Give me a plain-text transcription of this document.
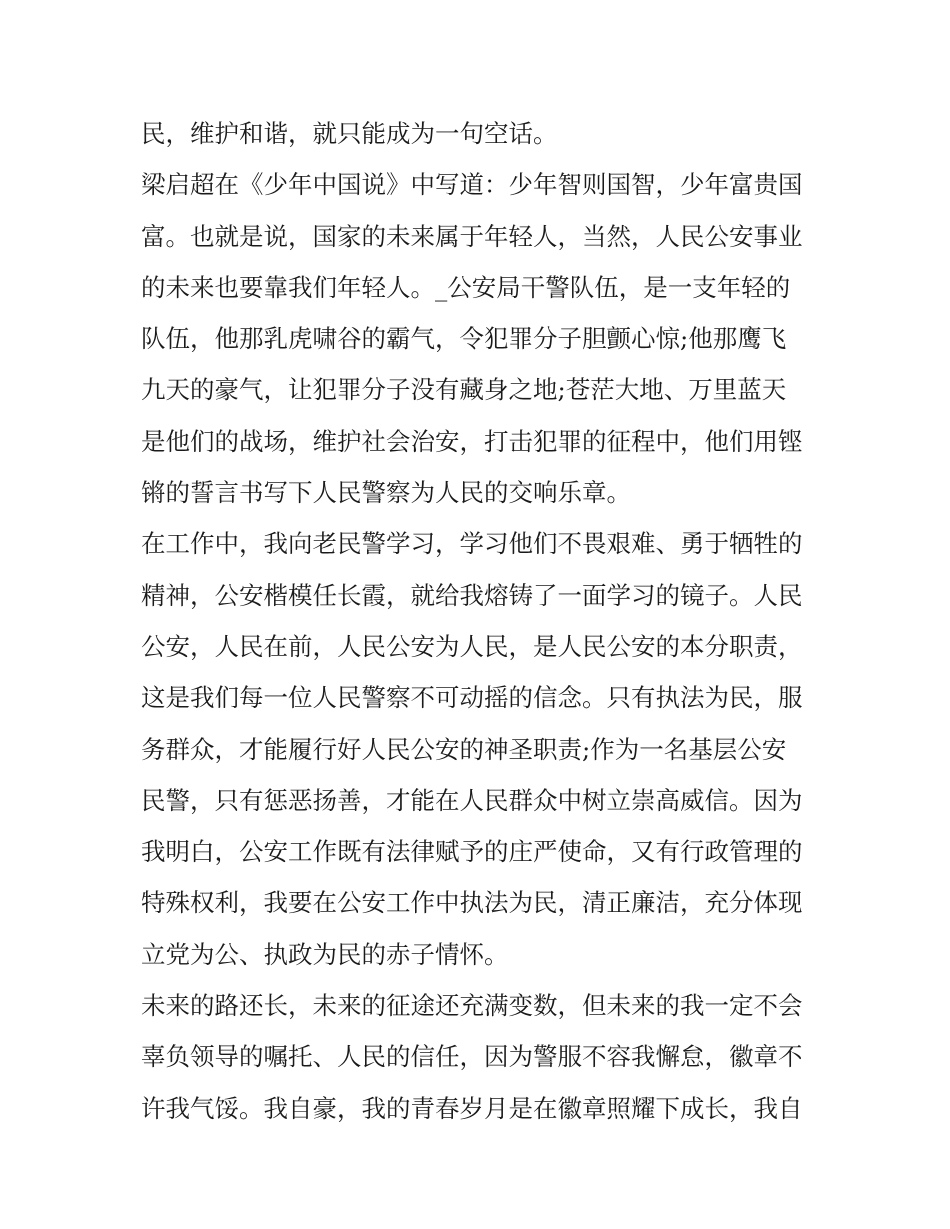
民，维护和谐，就只能成为一句空话。
梁启超在《少年中国说》中写道：少年智则国智，少年富贵国
富。也就是说，国家的未来属于年轻人，当然，人民公安事业
的未来也要靠我们年轻人。_公安局干警队伍，是一支年轻的
队伍，他那乳虎啸谷的霸气，令犯罪分子胆颤心惊;他那鹰飞
九天的豪气，让犯罪分子没有藏身之地;苍茫大地、万里蓝天
是他们的战场，维护社会治安，打击犯罪的征程中，他们用铿
锵的誓言书写下人民警察为人民的交响乐章。
在工作中，我向老民警学习，学习他们不畏艰难、勇于牺牲的
精神，公安楷模任长霞，就给我熔铸了一面学习的镜子。人民
公安，人民在前，人民公安为人民，是人民公安的本分职责，
这是我们每一位人民警察不可动摇的信念。只有执法为民，服
务群众，才能履行好人民公安的神圣职责;作为一名基层公安
民警，只有惩恶扬善，才能在人民群众中树立崇高威信。因为
我明白，公安工作既有法律赋予的庄严使命，又有行政管理的
特殊权利，我要在公安工作中执法为民，清正廉洁，充分体现
立党为公、执政为民的赤子情怀。
未来的路还长，未来的征途还充满变数，但未来的我一定不会
辜负领导的嘱托、人民的信任，因为警服不容我懈怠，徽章不
许我气馁。我自豪，我的青春岁月是在徽章照耀下成长，我自
